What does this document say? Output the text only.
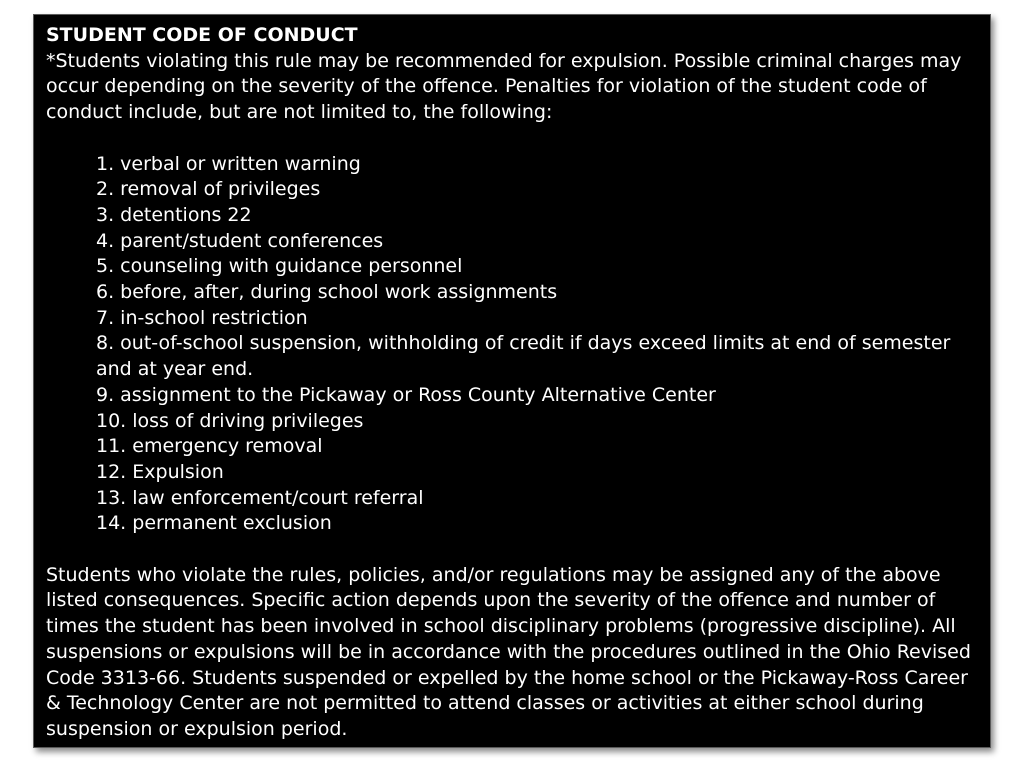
STUDENT CODE OF CONDUCT

*Students violating this rule may be recommended for expulsion. Possible criminal charges may occur depending on the severity of the offence. Penalties for violation of the student code of conduct include, but are not limited to, the following:

1. verbal or written warning
2. removal of privileges
3. detentions 22
4. parent/student conferences
5. counseling with guidance personnel
6. before, after, during school work assignments
7. in-school restriction
8. out-of-school suspension, withholding of credit if days exceed limits at end of semester and at year end.
9. assignment to the Pickaway or Ross County Alternative Center
10. loss of driving privileges
11. emergency removal
12. Expulsion
13. law enforcement/court referral
14. permanent exclusion

Students who violate the rules, policies, and/or regulations may be assigned any of the above listed consequences. Specific action depends upon the severity of the offence and number of times the student has been involved in school disciplinary problems (progressive discipline). All suspensions or expulsions will be in accordance with the procedures outlined in the Ohio Revised Code 3313-66. Students suspended or expelled by the home school or the Pickaway-Ross Career & Technology Center are not permitted to attend classes or activities at either school during suspension or expulsion period.
